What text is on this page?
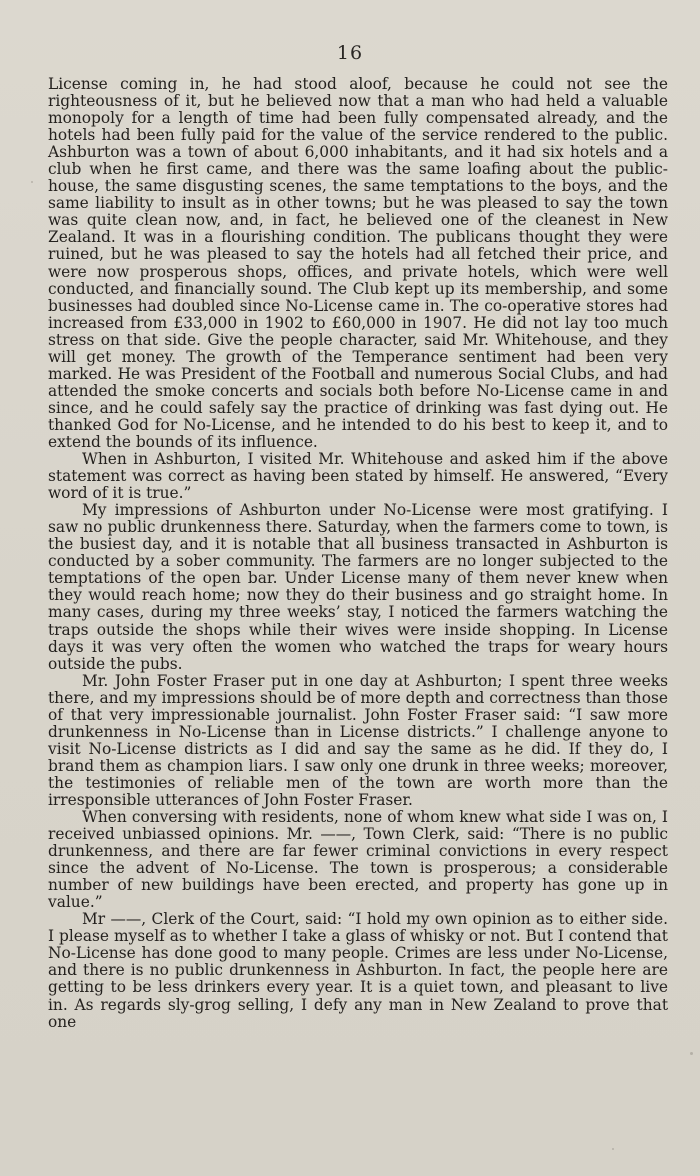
16

License coming in, he had stood aloof, because he could not see the righteousness of it, but he believed now that a man who had held a valuable monopoly for a length of time had been fully compensated already, and the hotels had been fully paid for the value of the service rendered to the public. Ashburton was a town of about 6,000 inhabitants, and it had six hotels and a club when he first came, and there was the same loafing about the public-house, the same disgusting scenes, the same temptations to the boys, and the same liability to insult as in other towns; but he was pleased to say the town was quite clean now, and, in fact, he believed one of the cleanest in New Zealand. It was in a flourishing condition. The publicans thought they were ruined, but he was pleased to say the hotels had all fetched their price, and were now prosperous shops, offices, and private hotels, which were well conducted, and financially sound. The Club kept up its membership, and some businesses had doubled since No-License came in. The co-operative stores had increased from £33,000 in 1902 to £60,000 in 1907. He did not lay too much stress on that side. Give the people character, said Mr. Whitehouse, and they will get money. The growth of the Temperance sentiment had been very marked. He was President of the Football and numerous Social Clubs, and had attended the smoke concerts and socials both before No-License came in and since, and he could safely say the practice of drinking was fast dying out. He thanked God for No-License, and he intended to do his best to keep it, and to extend the bounds of its influence.

When in Ashburton, I visited Mr. Whitehouse and asked him if the above statement was correct as having been stated by himself. He answered, “Every word of it is true.”

My impressions of Ashburton under No-License were most gratifying. I saw no public drunkenness there. Saturday, when the farmers come to town, is the busiest day, and it is notable that all business transacted in Ashburton is conducted by a sober community. The farmers are no longer subjected to the temptations of the open bar. Under License many of them never knew when they would reach home; now they do their business and go straight home. In many cases, during my three weeks’ stay, I noticed the farmers watching the traps outside the shops while their wives were inside shopping. In License days it was very often the women who watched the traps for weary hours outside the pubs.

Mr. John Foster Fraser put in one day at Ashburton; I spent three weeks there, and my impressions should be of more depth and correctness than those of that very impressionable journalist. John Foster Fraser said: “I saw more drunkenness in No-License than in License districts.” I challenge anyone to visit No-License districts as I did and say the same as he did. If they do, I brand them as champion liars. I saw only one drunk in three weeks; moreover, the testimonies of reliable men of the town are worth more than the irresponsible utterances of John Foster Fraser.

When conversing with residents, none of whom knew what side I was on, I received unbiassed opinions. Mr. ——, Town Clerk, said: “There is no public drunkenness, and there are far fewer criminal convictions in every respect since the advent of No-License. The town is prosperous; a considerable number of new buildings have been erected, and property has gone up in value.”

Mr ——, Clerk of the Court, said: “I hold my own opinion as to either side. I please myself as to whether I take a glass of whisky or not. But I contend that No-License has done good to many people. Crimes are less under No-License, and there is no public drunkenness in Ashburton. In fact, the people here are getting to be less drinkers every year. It is a quiet town, and pleasant to live in. As regards sly-grog selling, I defy any man in New Zealand to prove that one
